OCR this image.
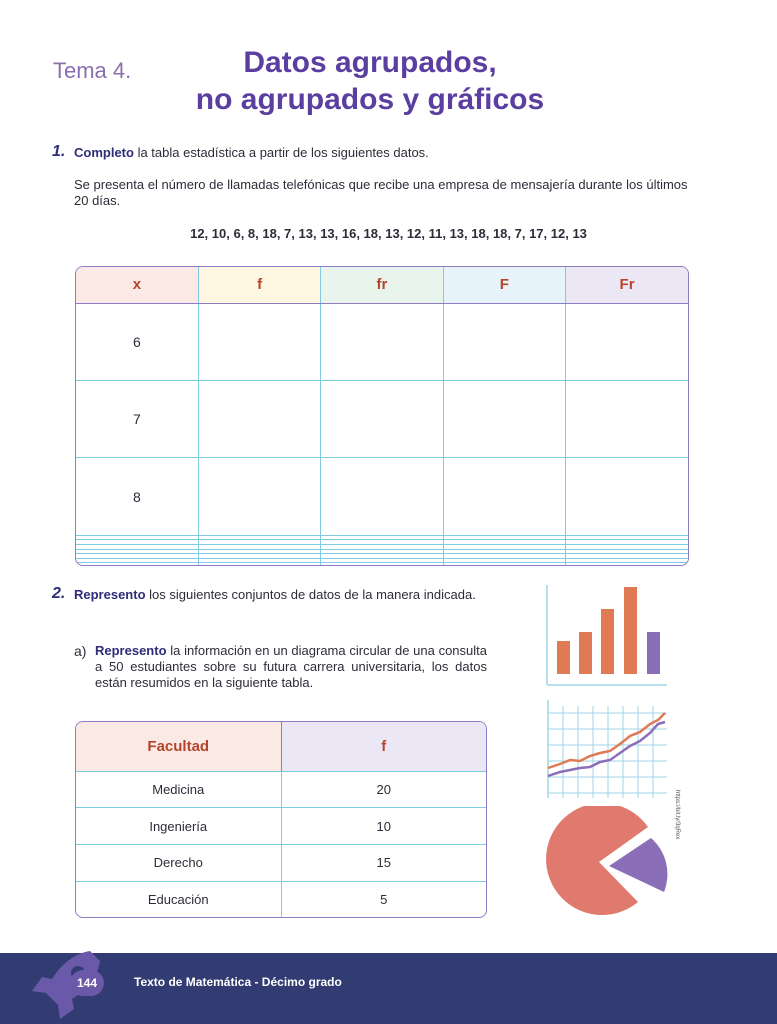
Tema 4.	Datos agrupados,
no agrupados y gráficos
1. Completo la tabla estadística a partir de los siguientes datos.
Se presenta el número de llamadas telefónicas que recibe una empresa de mensajería durante los últimos 20 días.
12, 10, 6, 8, 18, 7, 13, 13, 16, 18, 13, 12, 11, 13, 18, 18, 7, 17, 12, 13
x	f	fr	F	Fr
6				
7				
8				

2. Represento los siguientes conjuntos de datos de la manera indicada.
a) Represento la información en un diagrama circular de una consulta a 50 estudiantes sobre su futura carrera universitaria, los datos están resumidos en la siguiente tabla.
Facultad	f
Medicina	20
Ingeniería	10
Derecho	15
Educación	5
https://bit.ly/3qRex
144	Texto de Matemática - Décimo grado
